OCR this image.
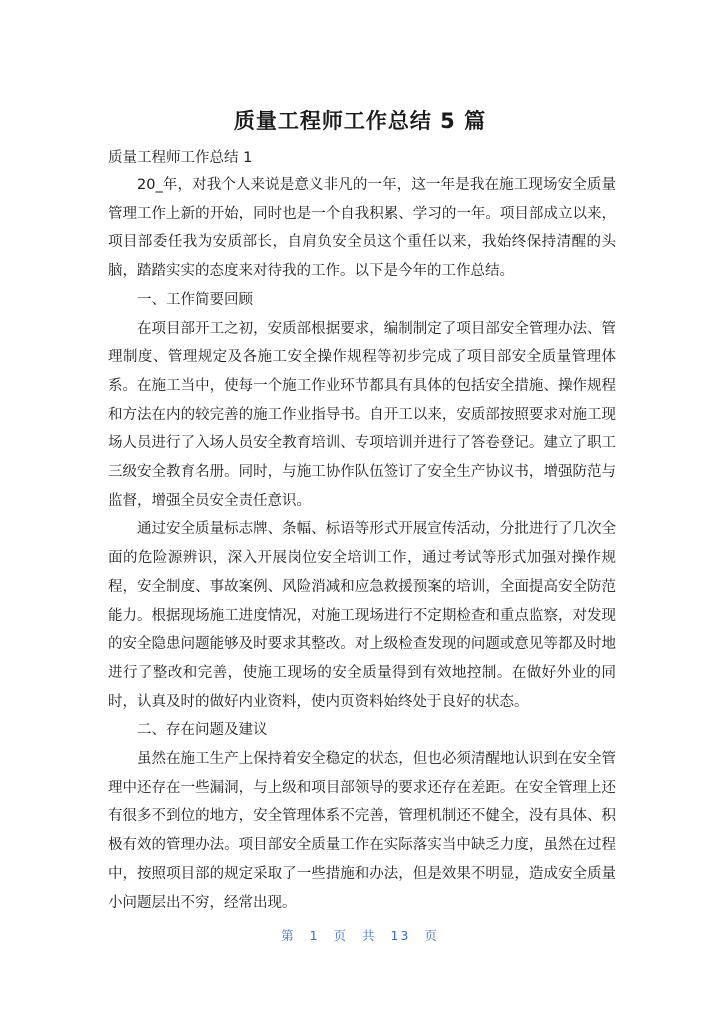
质量工程师工作总结 5 篇
质量工程师工作总结 1

20_年，对我个人来说是意义非凡的一年，这一年是我在施工现场安全质量管理工作上新的开始，同时也是一个自我积累、学习的一年。项目部成立以来，项目部委任我为安质部长，自肩负安全员这个重任以来，我始终保持清醒的头脑，踏踏实实的态度来对待我的工作。以下是今年的工作总结。

一、工作简要回顾

在项目部开工之初，安质部根据要求，编制制定了项目部安全管理办法、管理制度、管理规定及各施工安全操作规程等初步完成了项目部安全质量管理体系。在施工当中，使每一个施工作业环节都具有具体的包括安全措施、操作规程和方法在内的较完善的施工作业指导书。自开工以来，安质部按照要求对施工现场人员进行了入场人员安全教育培训、专项培训并进行了答卷登记。建立了职工三级安全教育名册。同时，与施工协作队伍签订了安全生产协议书，增强防范与监督，增强全员安全责任意识。

通过安全质量标志牌、条幅、标语等形式开展宣传活动，分批进行了几次全面的危险源辨识，深入开展岗位安全培训工作，通过考试等形式加强对操作规程，安全制度、事故案例、风险消减和应急救援预案的培训，全面提高安全防范能力。根据现场施工进度情况，对施工现场进行不定期检查和重点监察，对发现的安全隐患问题能够及时要求其整改。对上级检查发现的问题或意见等都及时地进行了整改和完善，使施工现场的安全质量得到有效地控制。在做好外业的同时，认真及时的做好内业资料，使内页资料始终处于良好的状态。

二、存在问题及建议

虽然在施工生产上保持着安全稳定的状态，但也必须清醒地认识到在安全管理中还存在一些漏洞，与上级和项目部领导的要求还存在差距。在安全管理上还有很多不到位的地方，安全管理体系不完善，管理机制还不健全，没有具体、积极有效的管理办法。项目部安全质量工作在实际落实当中缺乏力度，虽然在过程中，按照项目部的规定采取了一些措施和办法，但是效果不明显，造成安全质量小问题层出不穷，经常出现。

第 1 页 共 13 页
